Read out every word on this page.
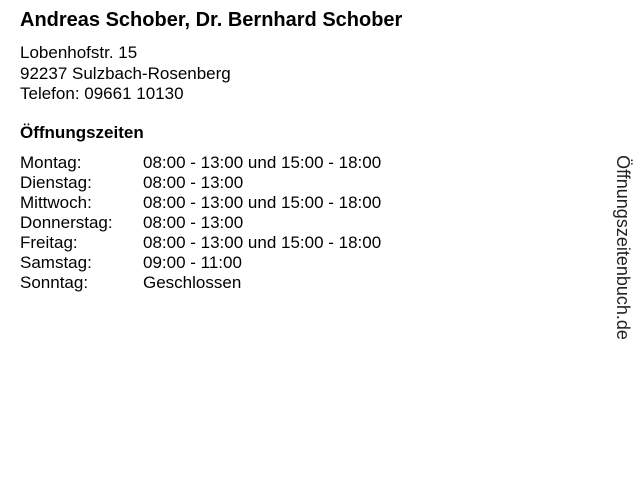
Andreas Schober, Dr. Bernhard Schober
Lobenhofstr. 15
92237 Sulzbach-Rosenberg
Telefon: 09661 10130
Öffnungszeiten
Montag:	08:00 - 13:00 und 15:00 - 18:00
Dienstag:	08:00 - 13:00
Mittwoch:	08:00 - 13:00 und 15:00 - 18:00
Donnerstag:	08:00 - 13:00
Freitag:	08:00 - 13:00 und 15:00 - 18:00
Samstag:	09:00 - 11:00
Sonntag:	Geschlossen	Öffnungszeitenbuch.de
